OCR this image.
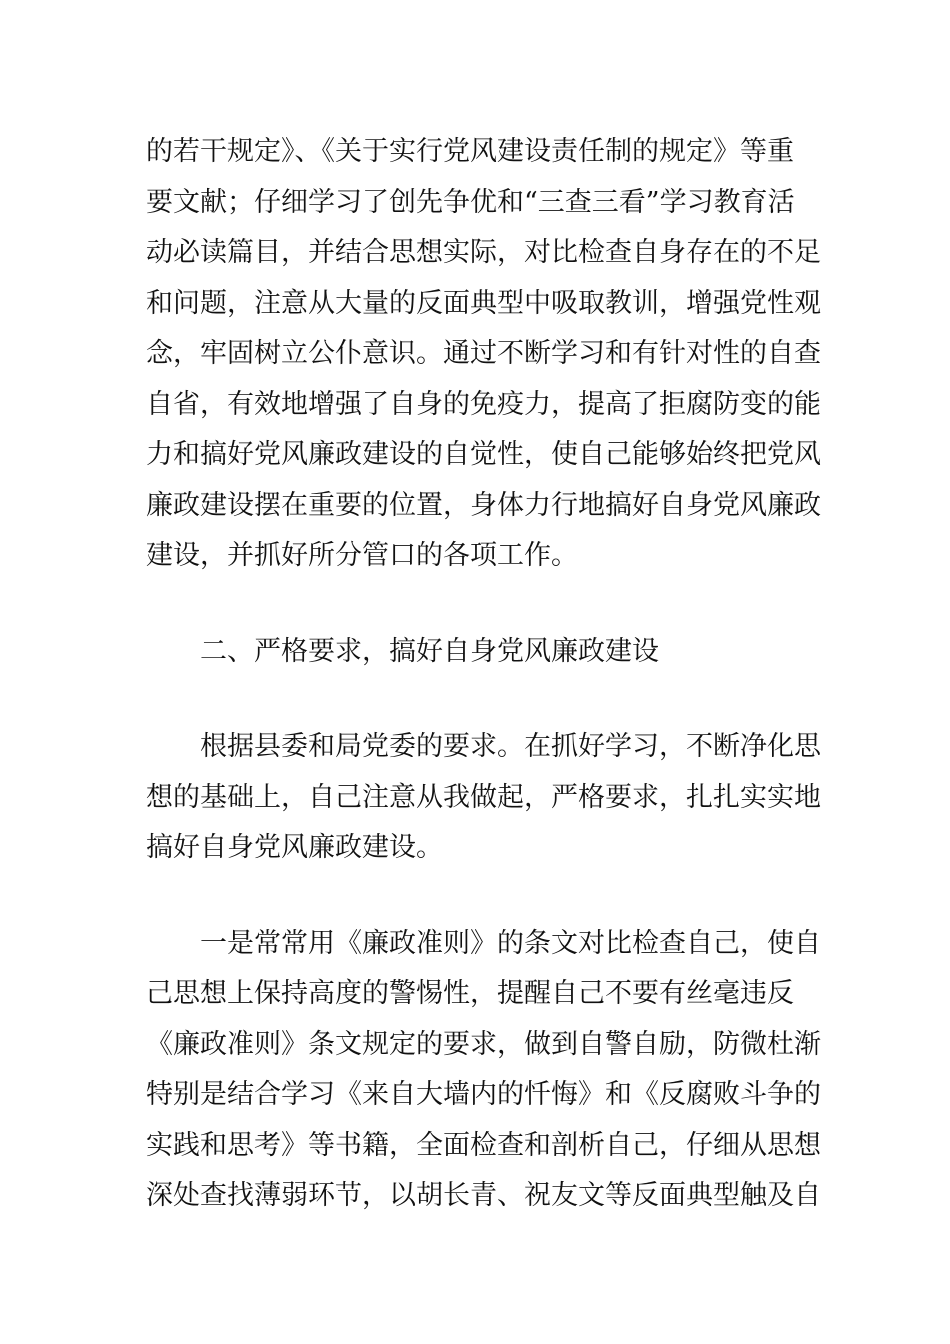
的若干规定》、《关于实行党风建设责任制的规定》等重
要文献；仔细学习了创先争优和“三查三看”学习教育活
动必读篇目，并结合思想实际，对比检查自身存在的不足
和问题，注意从大量的反面典型中吸取教训，增强党性观
念，牢固树立公仆意识。通过不断学习和有针对性的自查
自省，有效地增强了自身的免疫力，提高了拒腐防变的能
力和搞好党风廉政建设的自觉性，使自己能够始终把党风
廉政建设摆在重要的位置，身体力行地搞好自身党风廉政
建设，并抓好所分管口的各项工作。
二、严格要求，搞好自身党风廉政建设
根据县委和局党委的要求。在抓好学习，不断净化思
想的基础上，自己注意从我做起，严格要求，扎扎实实地
搞好自身党风廉政建设。
一是常常用《廉政准则》的条文对比检查自己，使自
己思想上保持高度的警惕性，提醒自己不要有丝毫违反
《廉政准则》条文规定的要求，做到自警自励，防微杜渐
特别是结合学习《来自大墙内的忏悔》和《反腐败斗争的
实践和思考》等书籍，全面检查和剖析自己，仔细从思想
深处查找薄弱环节，以胡长青、祝友文等反面典型触及自
